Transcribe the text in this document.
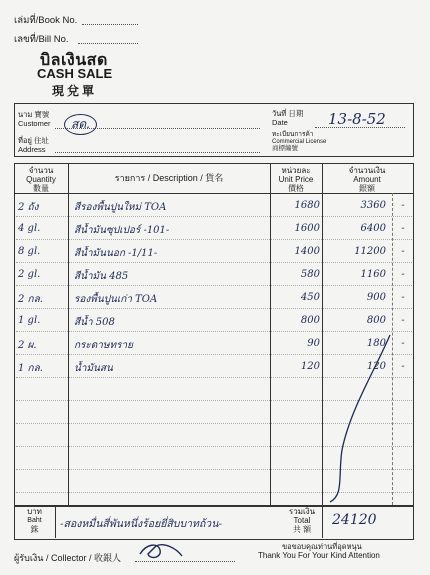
เล่มที่/Book No.
เลขที่/Bill No.
บิลเงินสด
CASH SALE
現兌單
นาม 寶號
Customer	สด.
ที่อยู่ 住址
Address
วันที่ 日期
Date	13-8-52
ทะเบียนการค้า
Commercial License
商標編號
จำนวน
Quantity
數量
รายการ / Description / 貨名
หน่วยละ
Unit Price
價格
จำนวนเงิน
Amount
銀額
2 ถัง	สีรองพื้นปูนใหม่ TOA	1680	3360	-
4 gl.	สีน้ำมันซุปเปอร์ -101-	1600	6400	-
8 gl.	สีน้ำมันนอก -1/11-	1400	11200	-
2 gl.	สีน้ำมัน 485	580	1160	-
2 กล.	รองพื้นปูนเก่า TOA	450	900	-
1 gl.	สีน้ำ 508	800	800	-
2 ผ.	กระดาษทราย	90	180	-
1 กล.	น้ำมันสน	120	120	-
บาท
Baht
銖	-สองหมื่นสี่พันหนึ่งร้อยยี่สิบบาทถ้วน-
รวมเงิน
Total
共 額
24120
ขอขอบคุณท่านที่อุดหนุน
Thank You For Your Kind Attention
ผู้รับเงิน / Collector / 收銀人
